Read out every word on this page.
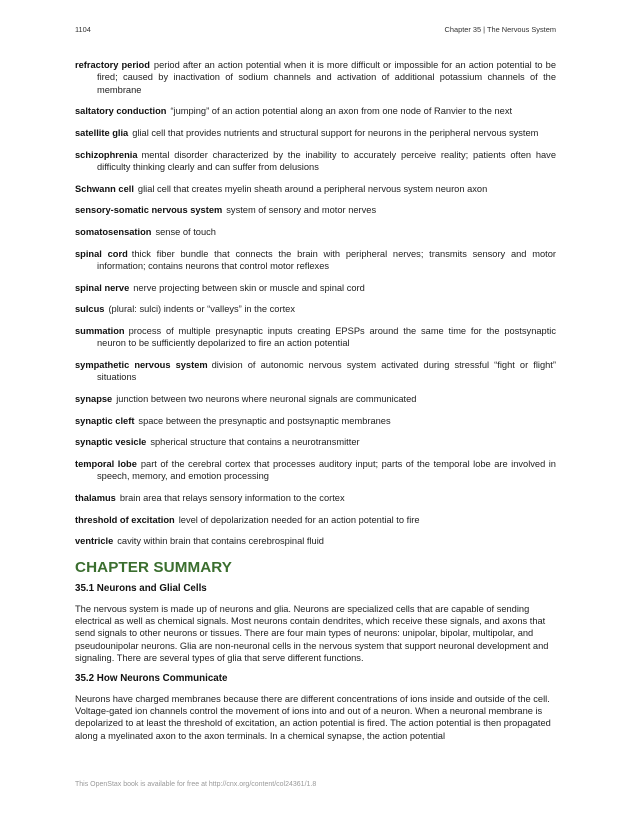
1104	Chapter 35 | The Nervous System

refractory period period after an action potential when it is more difficult or impossible for an action potential to be fired; caused by inactivation of sodium channels and activation of additional potassium channels of the membrane

saltatory conduction “jumping” of an action potential along an axon from one node of Ranvier to the next

satellite glia glial cell that provides nutrients and structural support for neurons in the peripheral nervous system

schizophrenia mental disorder characterized by the inability to accurately perceive reality; patients often have difficulty thinking clearly and can suffer from delusions

Schwann cell glial cell that creates myelin sheath around a peripheral nervous system neuron axon

sensory-somatic nervous system system of sensory and motor nerves

somatosensation sense of touch

spinal cord thick fiber bundle that connects the brain with peripheral nerves; transmits sensory and motor information; contains neurons that control motor reflexes

spinal nerve nerve projecting between skin or muscle and spinal cord

sulcus (plural: sulci) indents or “valleys” in the cortex

summation process of multiple presynaptic inputs creating EPSPs around the same time for the postsynaptic neuron to be sufficiently depolarized to fire an action potential

sympathetic nervous system division of autonomic nervous system activated during stressful “fight or flight” situations

synapse junction between two neurons where neuronal signals are communicated

synaptic cleft space between the presynaptic and postsynaptic membranes

synaptic vesicle spherical structure that contains a neurotransmitter

temporal lobe part of the cerebral cortex that processes auditory input; parts of the temporal lobe are involved in speech, memory, and emotion processing

thalamus brain area that relays sensory information to the cortex

threshold of excitation level of depolarization needed for an action potential to fire

ventricle cavity within brain that contains cerebrospinal fluid

CHAPTER SUMMARY
35.1 Neurons and Glial Cells

The nervous system is made up of neurons and glia. Neurons are specialized cells that are capable of sending electrical as well as chemical signals. Most neurons contain dendrites, which receive these signals, and axons that send signals to other neurons or tissues. There are four main types of neurons: unipolar, bipolar, multipolar, and pseudounipolar neurons. Glia are non-neuronal cells in the nervous system that support neuronal development and signaling. There are several types of glia that serve different functions.

35.2 How Neurons Communicate

Neurons have charged membranes because there are different concentrations of ions inside and outside of the cell. Voltage-gated ion channels control the movement of ions into and out of a neuron. When a neuronal membrane is depolarized to at least the threshold of excitation, an action potential is fired. The action potential is then propagated along a myelinated axon to the axon terminals. In a chemical synapse, the action potential

This OpenStax book is available for free at http://cnx.org/content/col24361/1.8
